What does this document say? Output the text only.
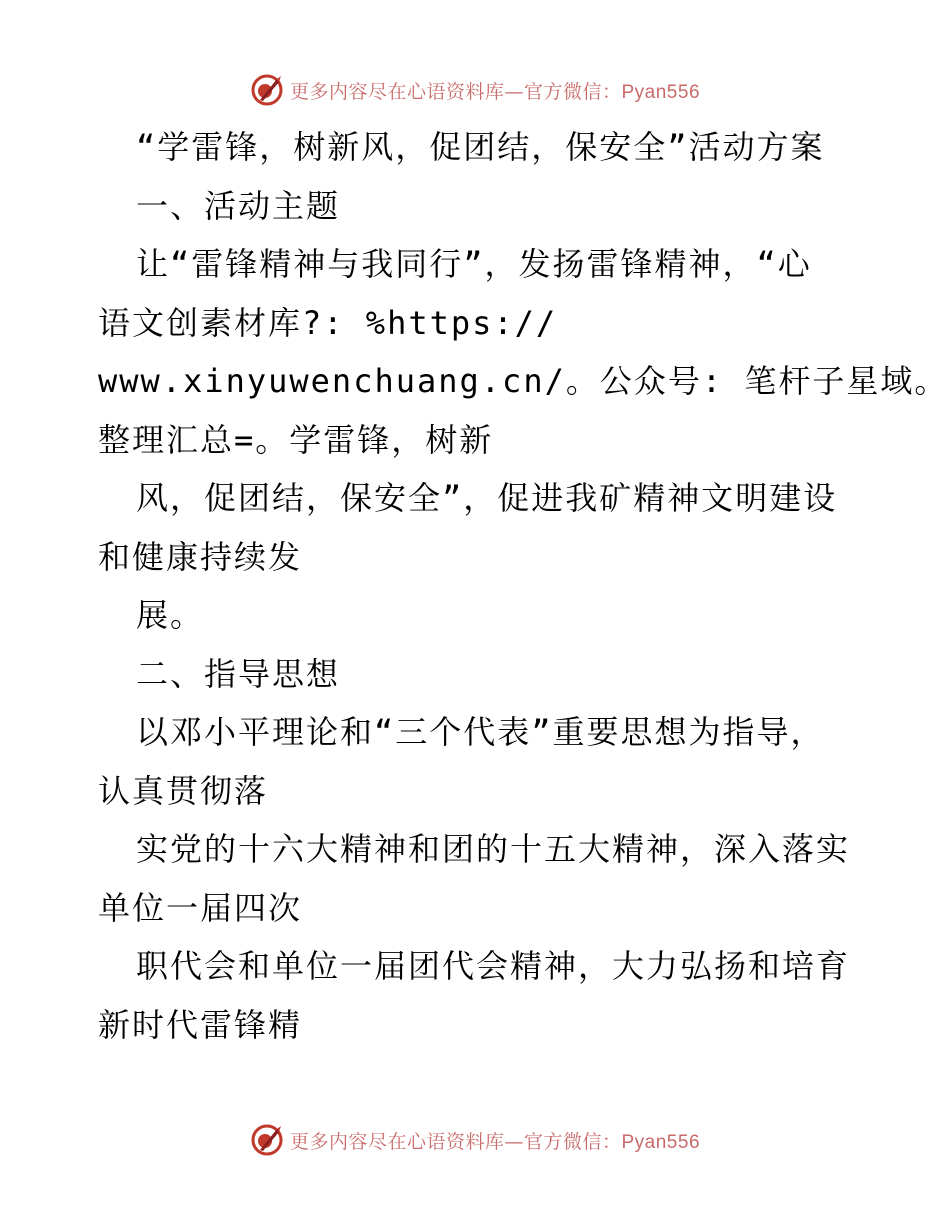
更多内容尽在心语资料库—官方微信：Pyan556
“学雷锋，树新风，促团结，保安全”活动方案
一、活动主题
让“雷锋精神与我同行”，发扬雷锋精神，“心
语文创素材库?: %https://
www.xinyuwenchuang.cn/。公众号: 笔杆子星域。
整理汇总=。学雷锋，树新
风，促团结，保安全”，促进我矿精神文明建设
和健康持续发
展。
二、指导思想
以邓小平理论和“三个代表”重要思想为指导，
认真贯彻落
实党的十六大精神和团的十五大精神，深入落实
单位一届四次
职代会和单位一届团代会精神，大力弘扬和培育
新时代雷锋精
更多内容尽在心语资料库—官方微信：Pyan556
